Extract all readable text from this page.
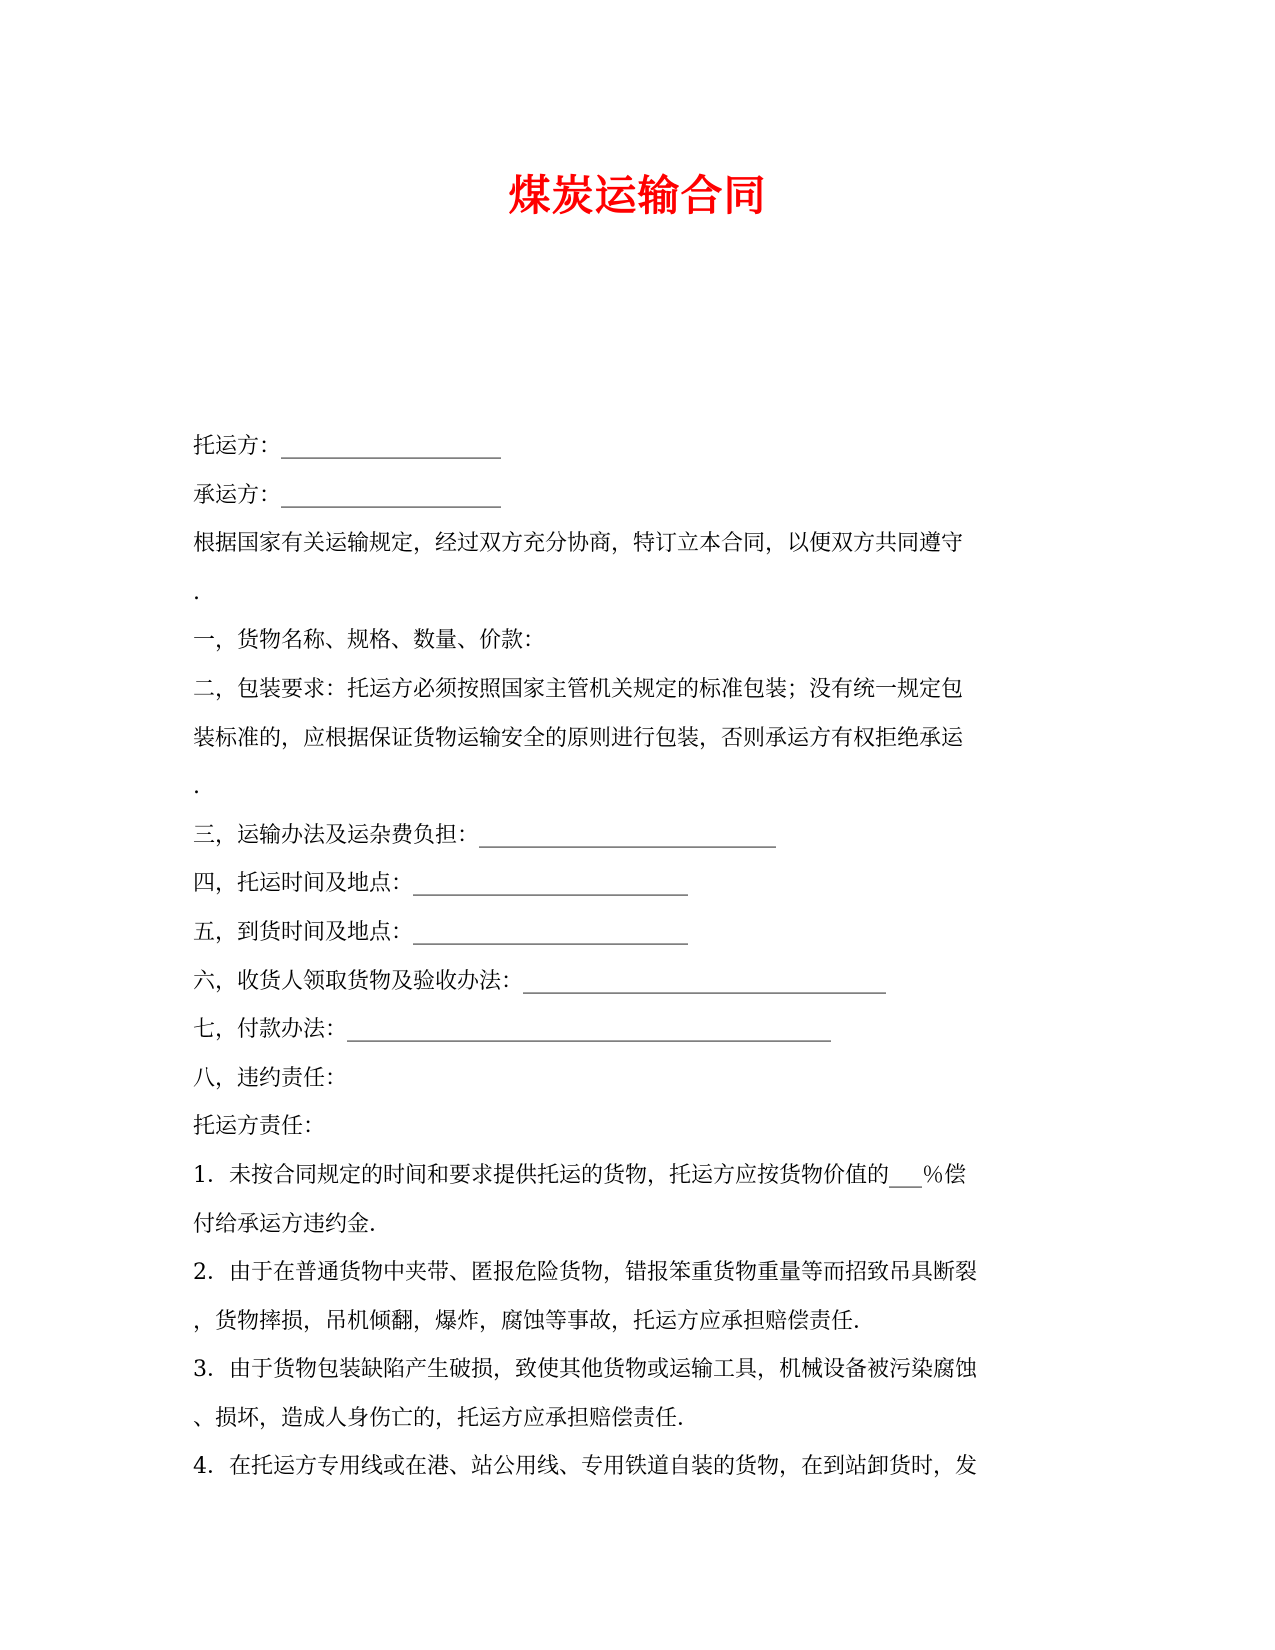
煤炭运输合同
托运方：____________________
承运方：____________________
根据国家有关运输规定，经过双方充分协商，特订立本合同，以便双方共同遵守
.
一，货物名称、规格、数量、价款：
二，包装要求：托运方必须按照国家主管机关规定的标准包装；没有统一规定包
装标准的，应根据保证货物运输安全的原则进行包装，否则承运方有权拒绝承运
.
三，运输办法及运杂费负担：___________________________
四，托运时间及地点：_________________________
五，到货时间及地点：_________________________
六，收货人领取货物及验收办法：_________________________________
七，付款办法：____________________________________________
八，违约责任：
托运方责任：
1．未按合同规定的时间和要求提供托运的货物，托运方应按货物价值的___％偿
付给承运方违约金．
2．由于在普通货物中夹带、匿报危险货物，错报笨重货物重量等而招致吊具断裂
，货物摔损，吊机倾翻，爆炸，腐蚀等事故，托运方应承担赔偿责任．
3．由于货物包装缺陷产生破损，致使其他货物或运输工具，机械设备被污染腐蚀
、损坏，造成人身伤亡的，托运方应承担赔偿责任．
4．在托运方专用线或在港、站公用线、专用铁道自装的货物，在到站卸货时，发
